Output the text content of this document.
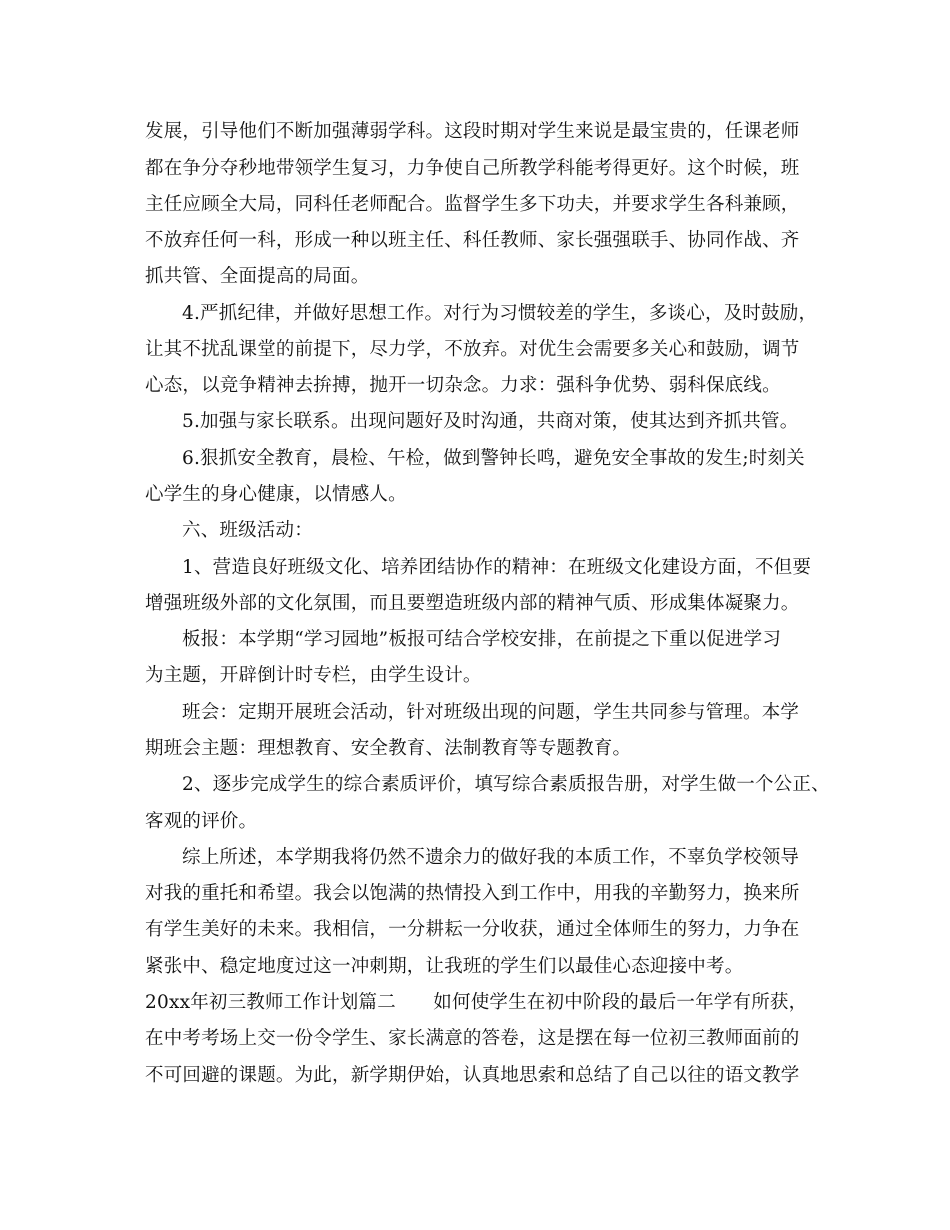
发展，引导他们不断加强薄弱学科。这段时期对学生来说是最宝贵的，任课老师
都在争分夺秒地带领学生复习，力争使自己所教学科能考得更好。这个时候，班
主任应顾全大局，同科任老师配合。监督学生多下功夫，并要求学生各科兼顾，
不放弃任何一科，形成一种以班主任、科任教师、家长强强联手、协同作战、齐
抓共管、全面提高的局面。
4.严抓纪律，并做好思想工作。对行为习惯较差的学生，多谈心，及时鼓励，
让其不扰乱课堂的前提下，尽力学，不放弃。对优生会需要多关心和鼓励，调节
心态，以竞争精神去拚搏，抛开一切杂念。力求：强科争优势、弱科保底线。
5.加强与家长联系。出现问题好及时沟通，共商对策，使其达到齐抓共管。
6.狠抓安全教育，晨检、午检，做到警钟长鸣，避免安全事故的发生;时刻关
心学生的身心健康，以情感人。
六、班级活动：
1、营造良好班级文化、培养团结协作的精神：在班级文化建设方面，不但要
增强班级外部的文化氛围，而且要塑造班级内部的精神气质、形成集体凝聚力。
板报：本学期“学习园地”板报可结合学校安排，在前提之下重以促进学习
为主题，开辟倒计时专栏，由学生设计。
班会：定期开展班会活动，针对班级出现的问题，学生共同参与管理。本学
期班会主题：理想教育、安全教育、法制教育等专题教育。
2、逐步完成学生的综合素质评价，填写综合素质报告册，对学生做一个公正、
客观的评价。
综上所述，本学期我将仍然不遗余力的做好我的本质工作，不辜负学校领导
对我的重托和希望。我会以饱满的热情投入到工作中，用我的辛勤努力，换来所
有学生美好的未来。我相信，一分耕耘一分收获，通过全体师生的努力，力争在
紧张中、稳定地度过这一冲刺期，让我班的学生们以最佳心态迎接中考。
20xx年初三教师工作计划篇二　　如何使学生在初中阶段的最后一年学有所获，
在中考考场上交一份令学生、家长满意的答卷，这是摆在每一位初三教师面前的
不可回避的课题。为此，新学期伊始，认真地思索和总结了自己以往的语文教学
